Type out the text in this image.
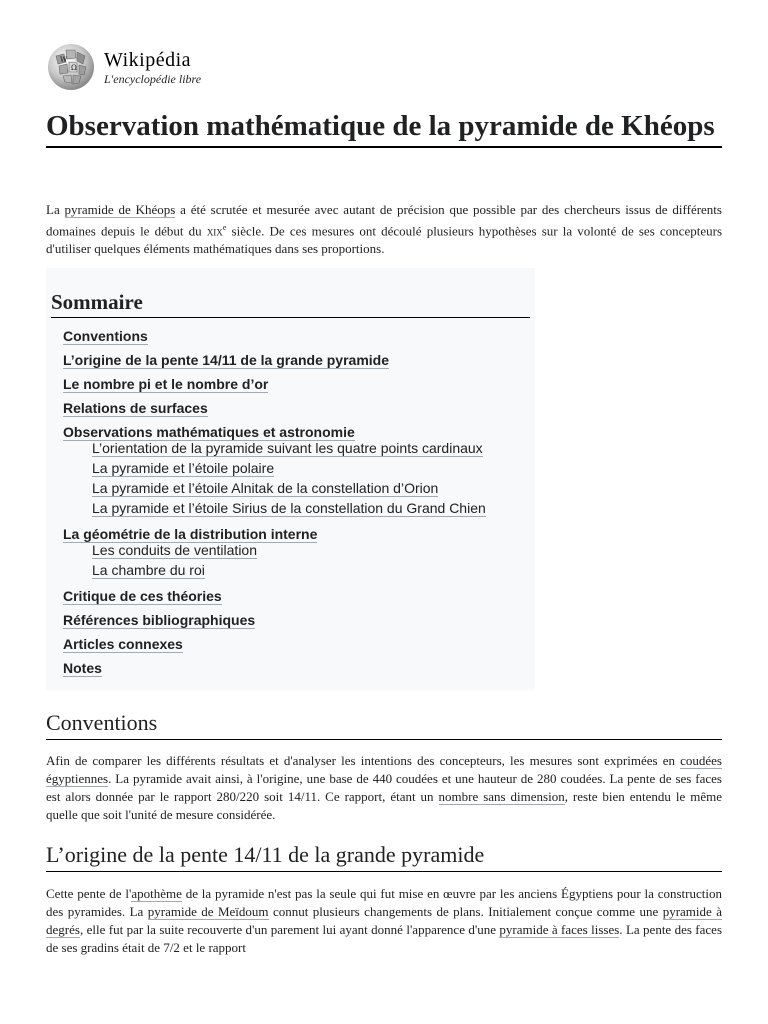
W
Ω Wikipédia
L'encyclopédie libre
Observation mathématique de la pyramide de Khéops

La pyramide de Khéops a été scrutée et mesurée avec autant de précision que possible par des chercheurs issus de différents domaines depuis le début du xix$^e$ siècle. De ces mesures ont découlé plusieurs hypothèses sur la volonté de ses concepteurs d'utiliser quelques éléments mathématiques dans ses proportions.

Sommaire
Conventions
L’origine de la pente 14/11 de la grande pyramide
Le nombre pi et le nombre d’or
Relations de surfaces
Observations mathématiques et astronomie
L’orientation de la pyramide suivant les quatre points cardinaux
La pyramide et l’étoile polaire
La pyramide et l’étoile Alnitak de la constellation d’Orion
La pyramide et l’étoile Sirius de la constellation du Grand Chien
La géométrie de la distribution interne
Les conduits de ventilation
La chambre du roi
Critique de ces théories
Références bibliographiques
Articles connexes
Notes
Conventions

Afin de comparer les différents résultats et d'analyser les intentions des concepteurs, les mesures sont exprimées en coudées égyptiennes. La pyramide avait ainsi, à l'origine, une base de 440 coudées et une hauteur de 280 coudées. La pente de ses faces est alors donnée par le rapport 280/220 soit 14/11. Ce rapport, étant un nombre sans dimension, reste bien entendu le même quelle que soit l'unité de mesure considérée.

L’origine de la pente 14/11 de la grande pyramide

Cette pente de l'apothème de la pyramide n'est pas la seule qui fut mise en œuvre par les anciens Égyptiens pour la construction des pyramides. La pyramide de Meïdoum connut plusieurs changements de plans. Initialement conçue comme une pyramide à degrés, elle fut par la suite recouverte d'un parement lui ayant donné l'apparence d'une pyramide à faces lisses. La pente des faces de ses gradins était de 7/2 et le rapport
